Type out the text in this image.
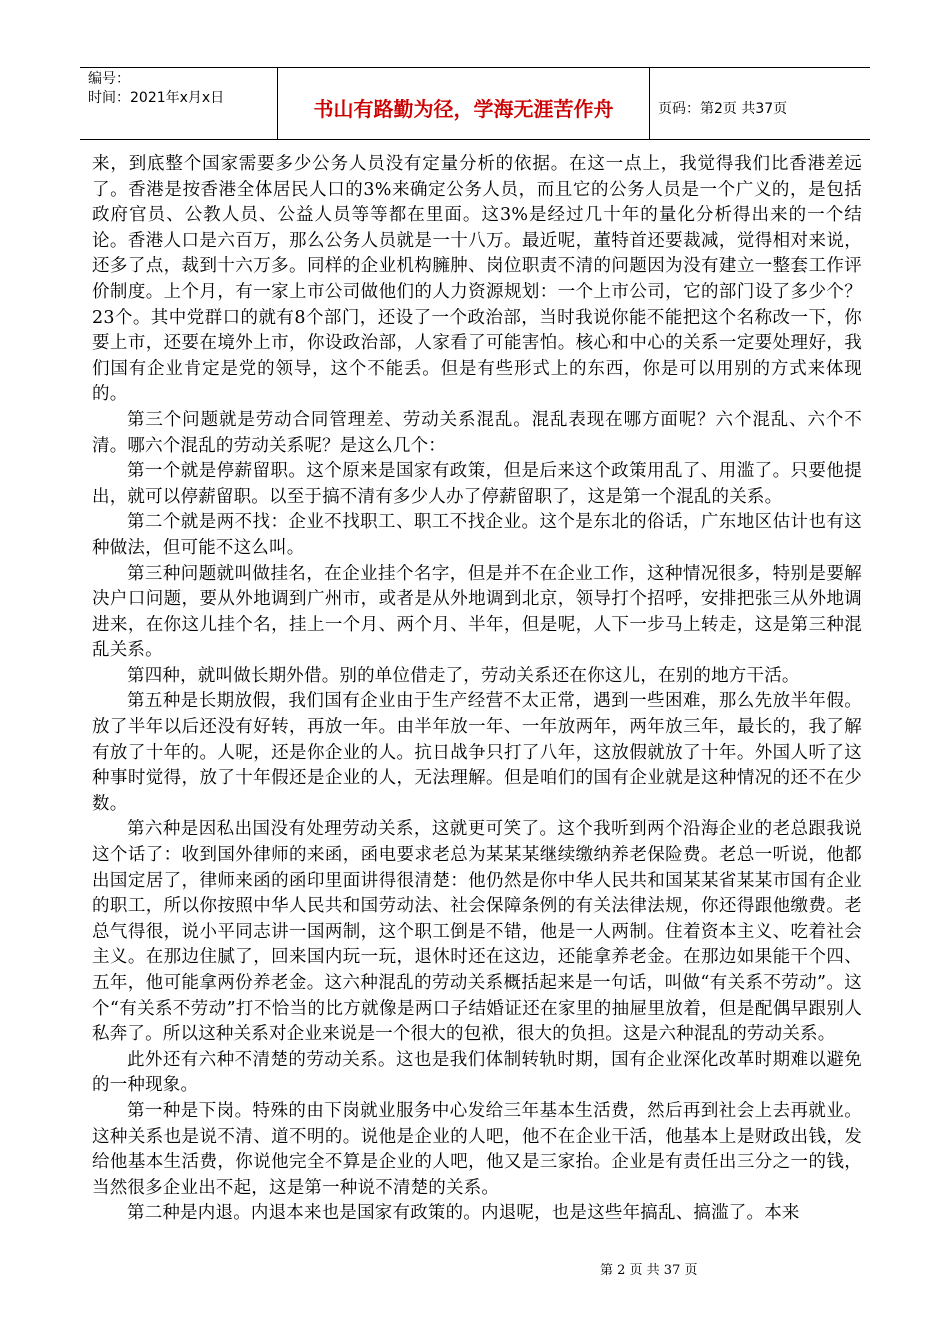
编号：
时间：2021年x月x日	书山有路勤为径，学海无涯苦作舟	页码：第2页 共37页

来，到底整个国家需要多少公务人员没有定量分析的依据。在这一点上，我觉得我们比香港差远了。香港是按香港全体居民人口的3%来确定公务人员，而且它的公务人员是一个广义的，是包括政府官员、公教人员、公益人员等等都在里面。这3%是经过几十年的量化分析得出来的一个结论。香港人口是六百万，那么公务人员就是一十八万。最近呢，董特首还要裁减，觉得相对来说，还多了点，裁到十六万多。同样的企业机构臃肿、岗位职责不清的问题因为没有建立一整套工作评价制度。上个月，有一家上市公司做他们的人力资源规划：一个上市公司，它的部门设了多少个？23个。其中党群口的就有8个部门，还设了一个政治部，当时我说你能不能把这个名称改一下，你要上市，还要在境外上市，你设政治部，人家看了可能害怕。核心和中心的关系一定要处理好，我们国有企业肯定是党的领导，这个不能丢。但是有些形式上的东西，你是可以用别的方式来体现的。

第三个问题就是劳动合同管理差、劳动关系混乱。混乱表现在哪方面呢？六个混乱、六个不清。哪六个混乱的劳动关系呢？是这么几个：

第一个就是停薪留职。这个原来是国家有政策，但是后来这个政策用乱了、用滥了。只要他提出，就可以停薪留职。以至于搞不清有多少人办了停薪留职了，这是第一个混乱的关系。

第二个就是两不找：企业不找职工、职工不找企业。这个是东北的俗话，广东地区估计也有这种做法，但可能不这么叫。

第三种问题就叫做挂名，在企业挂个名字，但是并不在企业工作，这种情况很多，特别是要解决户口问题，要从外地调到广州市，或者是从外地调到北京，领导打个招呼，安排把张三从外地调进来，在你这儿挂个名，挂上一个月、两个月、半年，但是呢，人下一步马上转走，这是第三种混乱关系。

第四种，就叫做长期外借。别的单位借走了，劳动关系还在你这儿，在别的地方干活。

第五种是长期放假，我们国有企业由于生产经营不太正常，遇到一些困难，那么先放半年假。放了半年以后还没有好转，再放一年。由半年放一年、一年放两年，两年放三年，最长的，我了解有放了十年的。人呢，还是你企业的人。抗日战争只打了八年，这放假就放了十年。外国人听了这种事时觉得，放了十年假还是企业的人，无法理解。但是咱们的国有企业就是这种情况的还不在少数。

第六种是因私出国没有处理劳动关系，这就更可笑了。这个我听到两个沿海企业的老总跟我说这个话了：收到国外律师的来函，函电要求老总为某某某继续缴纳养老保险费。老总一听说，他都出国定居了，律师来函的函印里面讲得很清楚：他仍然是你中华人民共和国某某省某某市国有企业的职工，所以你按照中华人民共和国劳动法、社会保障条例的有关法律法规，你还得跟他缴费。老总气得很，说小平同志讲一国两制，这个职工倒是不错，他是一人两制。住着资本主义、吃着社会主义。在那边住腻了，回来国内玩一玩，退休时还在这边，还能拿养老金。在那边如果能干个四、五年，他可能拿两份养老金。这六种混乱的劳动关系概括起来是一句话，叫做“有关系不劳动”。这个“有关系不劳动”打不恰当的比方就像是两口子结婚证还在家里的抽屉里放着，但是配偶早跟别人私奔了。所以这种关系对企业来说是一个很大的包袱，很大的负担。这是六种混乱的劳动关系。

此外还有六种不清楚的劳动关系。这也是我们体制转轨时期，国有企业深化改革时期难以避免的一种现象。

第一种是下岗。特殊的由下岗就业服务中心发给三年基本生活费，然后再到社会上去再就业。这种关系也是说不清、道不明的。说他是企业的人吧，他不在企业干活，他基本上是财政出钱，发给他基本生活费，你说他完全不算是企业的人吧，他又是三家抬。企业是有责任出三分之一的钱，当然很多企业出不起，这是第一种说不清楚的关系。

第二种是内退。内退本来也是国家有政策的。内退呢，也是这些年搞乱、搞滥了。本来

第 2 页 共 37 页
